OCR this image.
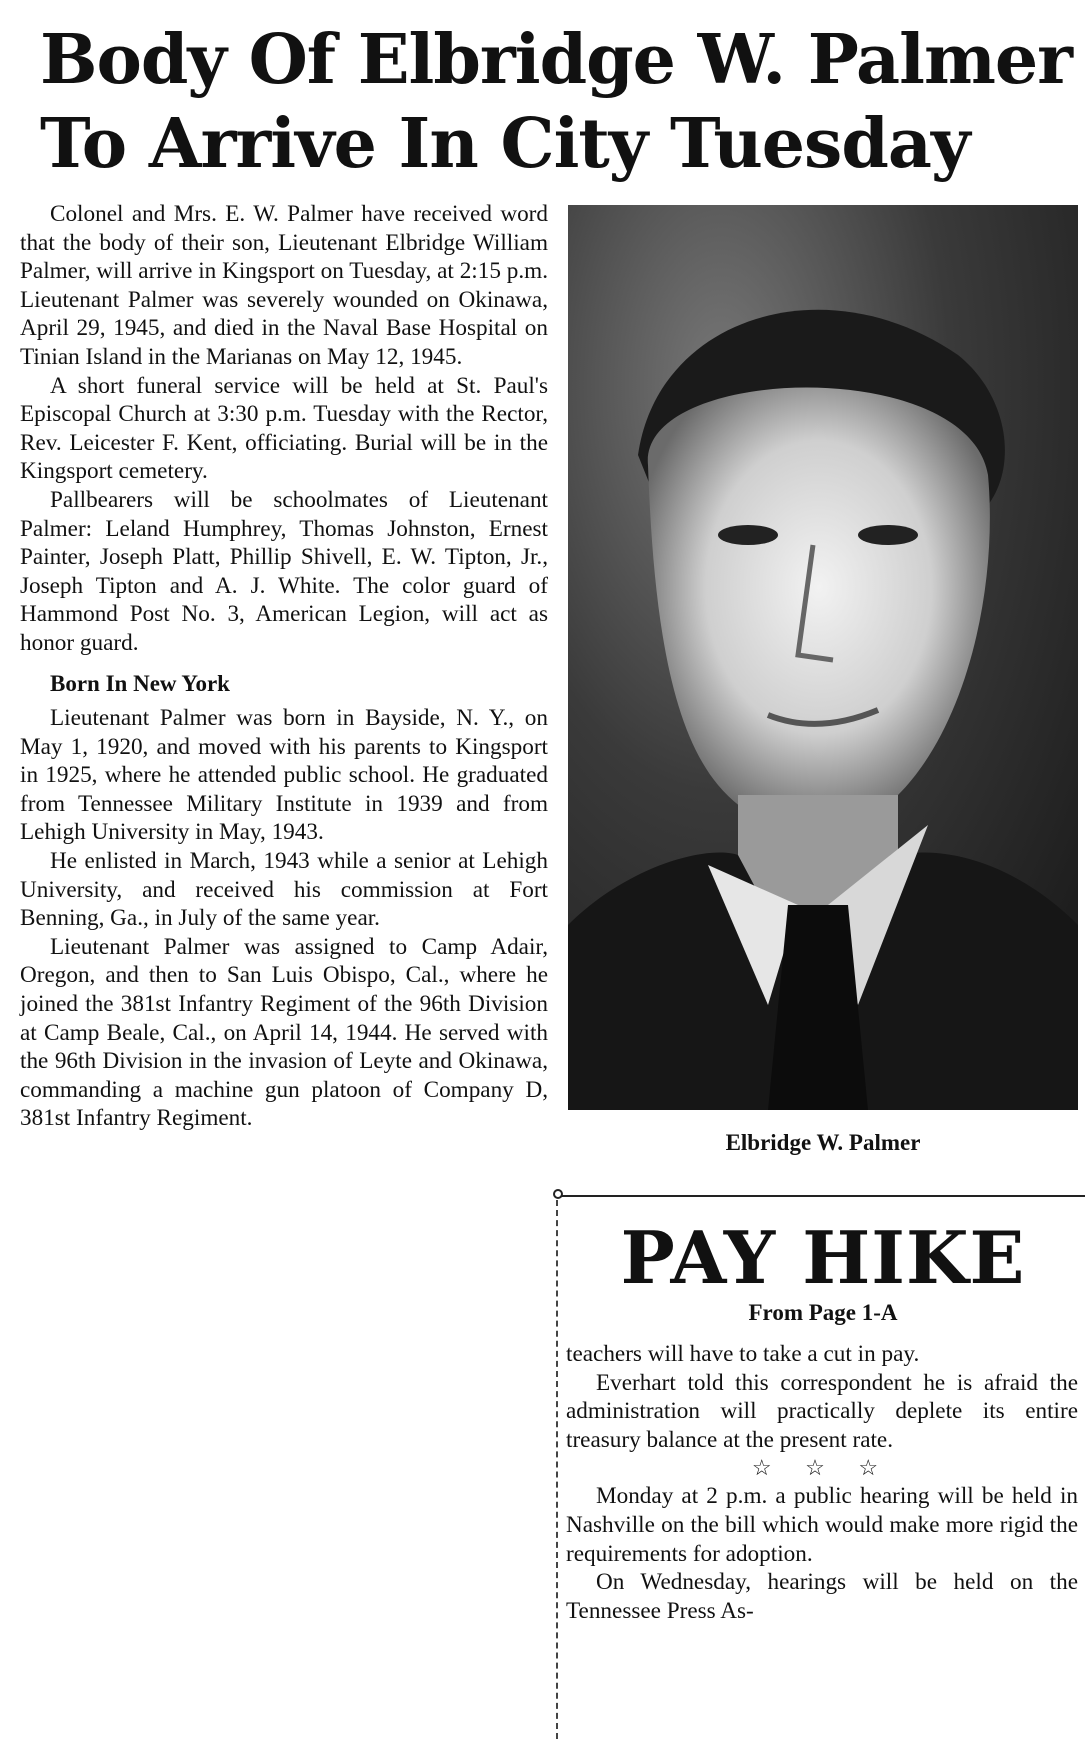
Body Of Elbridge W. Palmer
To Arrive In City Tuesday

Colonel and Mrs. E. W. Palmer have received word that the body of their son, Lieutenant Elbridge William Palmer, will arrive in Kingsport on Tuesday, at 2:15 p.m. Lieutenant Palmer was severely wounded on Okinawa, April 29, 1945, and died in the Naval Base Hospital on Tinian Island in the Marianas on May 12, 1945.

A short funeral service will be held at St. Paul's Episcopal Church at 3:30 p.m. Tuesday with the Rector, Rev. Leicester F. Kent, officiating. Burial will be in the Kingsport cemetery.

Pallbearers will be schoolmates of Lieutenant Palmer: Leland Humphrey, Thomas Johnston, Ernest Painter, Joseph Platt, Phillip Shivell, E. W. Tipton, Jr., Joseph Tipton and A. J. White. The color guard of Hammond Post No. 3, American Legion, will act as honor guard.

Born In New York

Lieutenant Palmer was born in Bayside, N. Y., on May 1, 1920, and moved with his parents to Kingsport in 1925, where he attended public school. He graduated from Tennessee Military Institute in 1939 and from Lehigh University in May, 1943.

He enlisted in March, 1943 while a senior at Lehigh University, and received his commission at Fort Benning, Ga., in July of the same year.

Lieutenant Palmer was assigned to Camp Adair, Oregon, and then to San Luis Obispo, Cal., where he joined the 381st Infantry Regiment of the 96th Division at Camp Beale, Cal., on April 14, 1944. He served with the 96th Division in the invasion of Leyte and Okinawa, commanding a machine gun platoon of Company D, 381st Infantry Regiment.

Elbridge W. Palmer
PAY HIKE
From Page 1-A

teachers will have to take a cut in pay.

Everhart told this correspondent he is afraid the administration will practically deplete its entire treasury balance at the present rate.

☆ ☆ ☆

Monday at 2 p.m. a public hearing will be held in Nashville on the bill which would make more rigid the requirements for adoption.

On Wednesday, hearings will be held on the Tennessee Press As-
